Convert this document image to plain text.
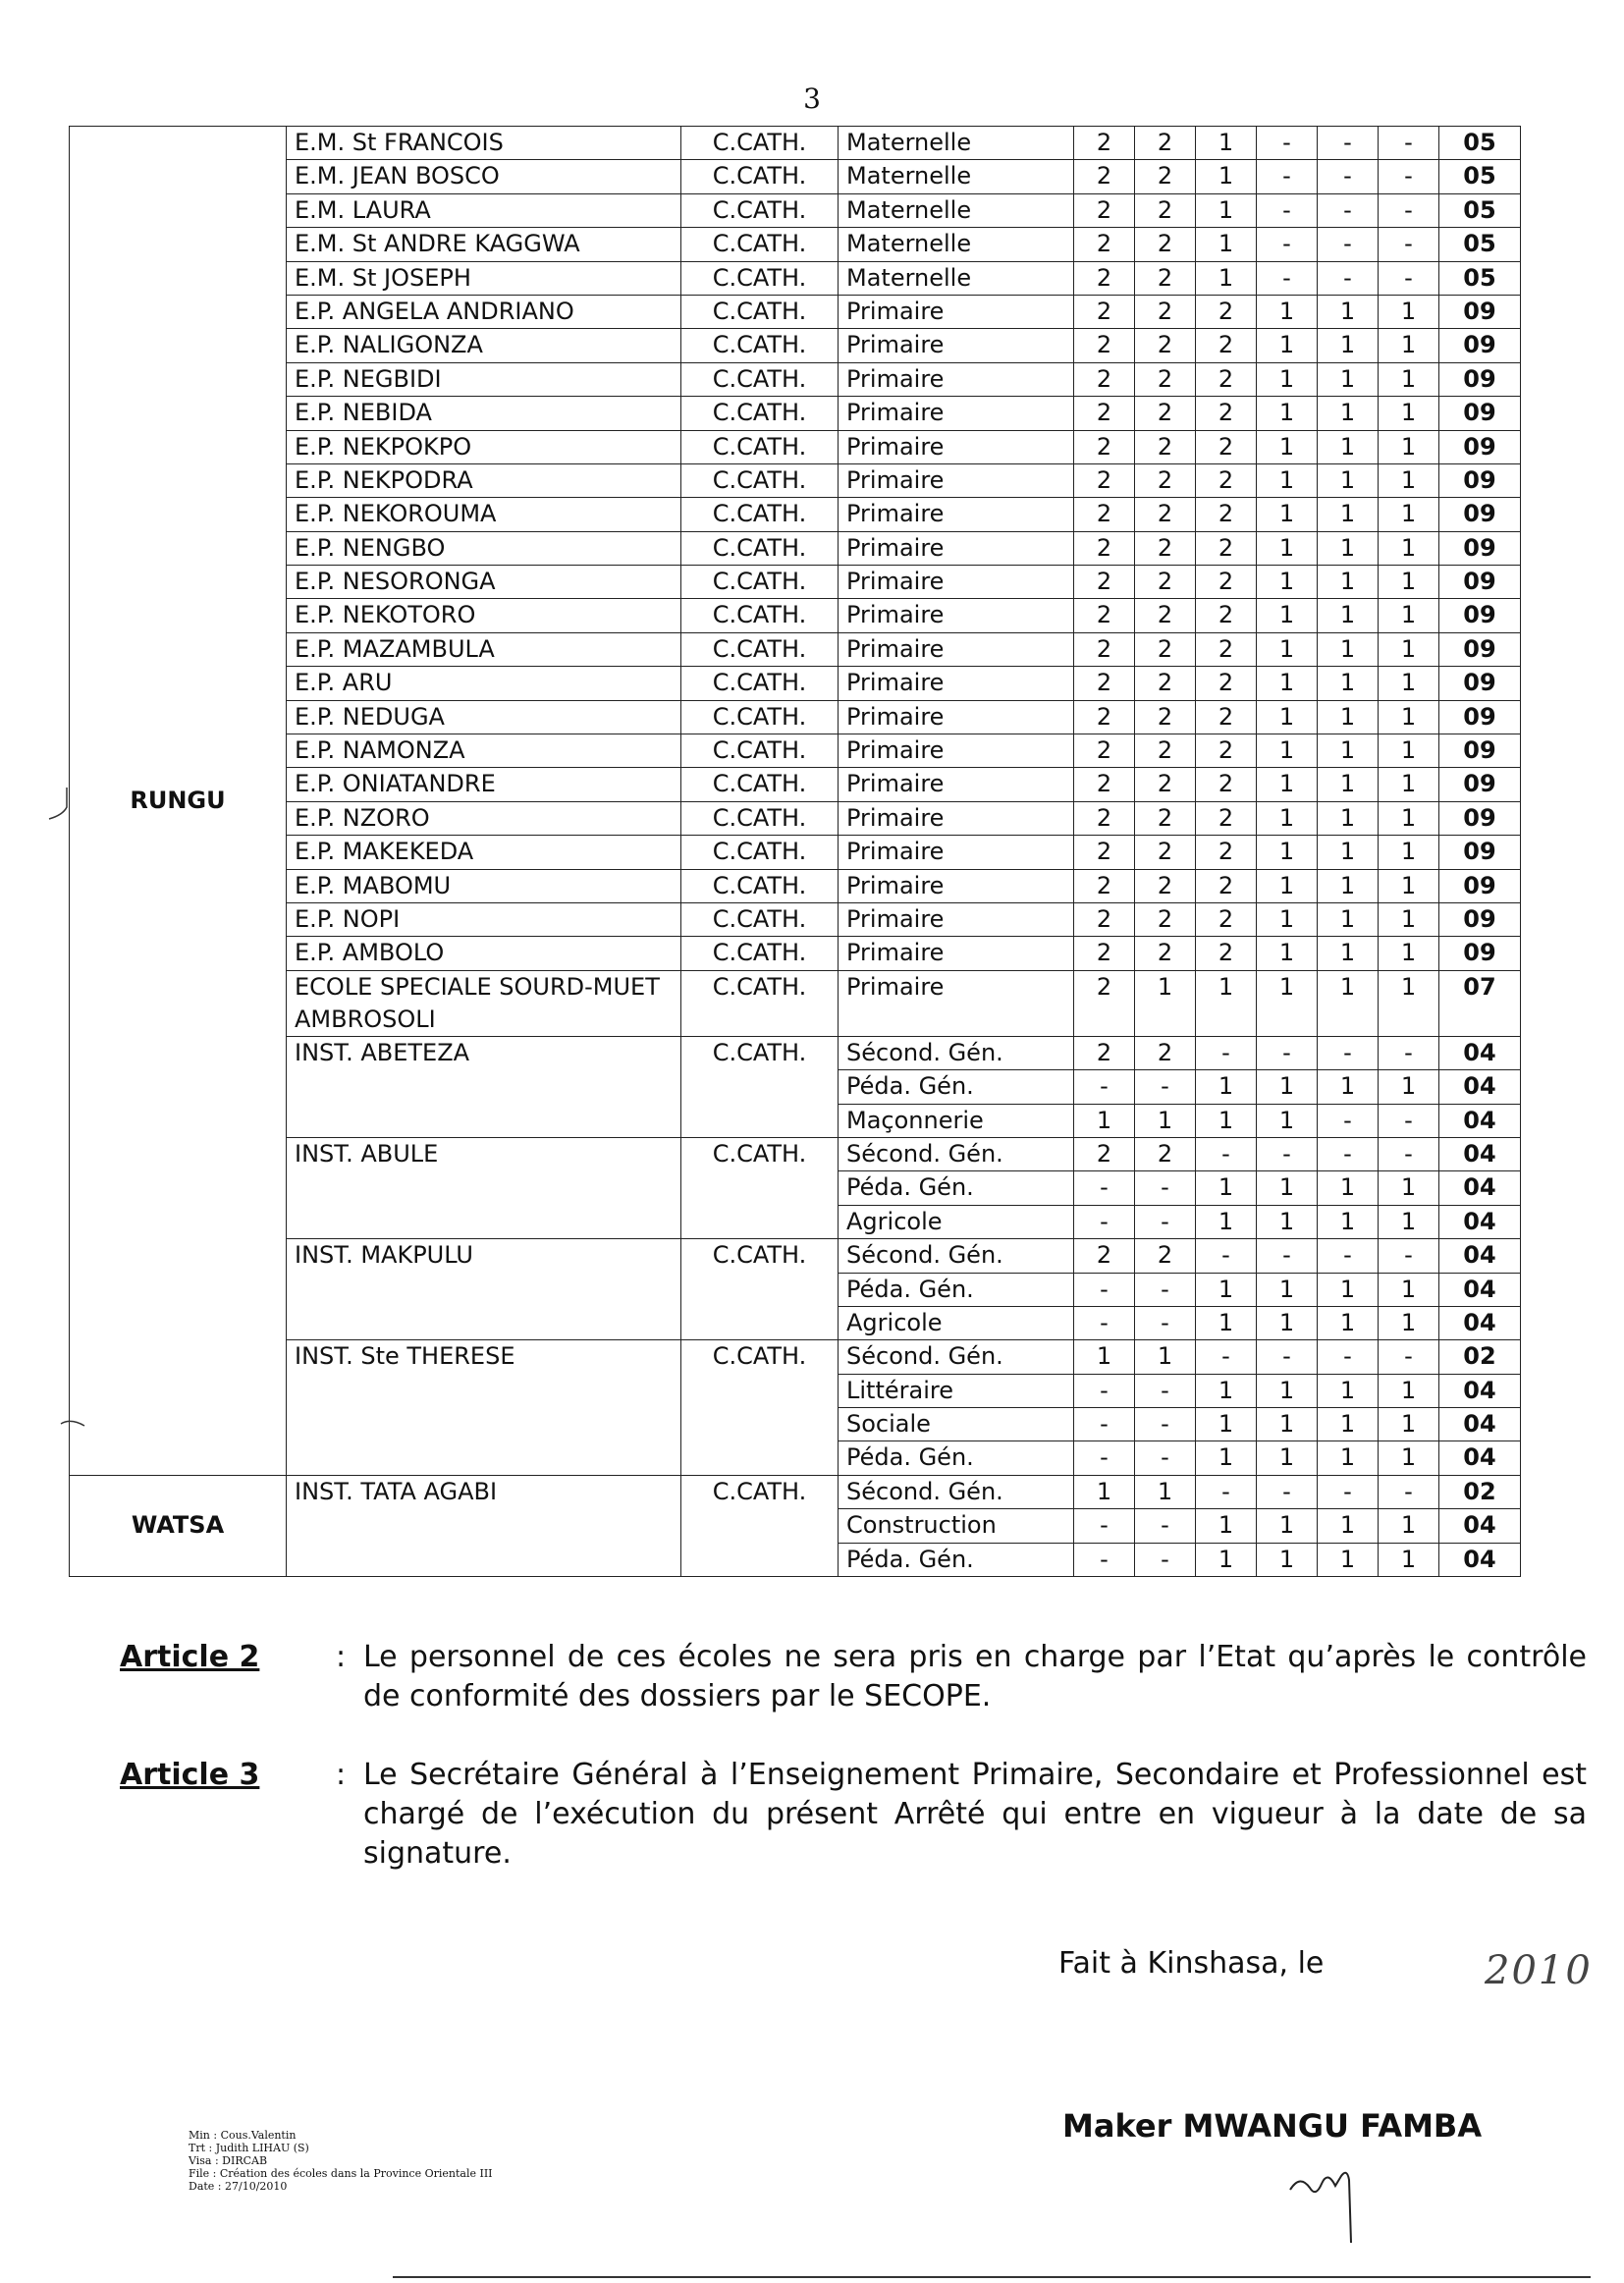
3
RUNGU	E.M. St FRANCOIS	C.CATH.	Maternelle	2	2	1	-	-	-	05
	E.M. JEAN BOSCO	C.CATH.	Maternelle	2	2	1	-	-	-	05
	E.M. LAURA	C.CATH.	Maternelle	2	2	1	-	-	-	05
	E.M. St ANDRE KAGGWA	C.CATH.	Maternelle	2	2	1	-	-	-	05
	E.M. St JOSEPH	C.CATH.	Maternelle	2	2	1	-	-	-	05
	E.P. ANGELA ANDRIANO	C.CATH.	Primaire	2	2	2	1	1	1	09
	E.P. NALIGONZA	C.CATH.	Primaire	2	2	2	1	1	1	09
	E.P. NEGBIDI	C.CATH.	Primaire	2	2	2	1	1	1	09
	E.P. NEBIDA	C.CATH.	Primaire	2	2	2	1	1	1	09
	E.P. NEKPOKPO	C.CATH.	Primaire	2	2	2	1	1	1	09
	E.P. NEKPODRA	C.CATH.	Primaire	2	2	2	1	1	1	09
	E.P. NEKOROUMA	C.CATH.	Primaire	2	2	2	1	1	1	09
	E.P. NENGBO	C.CATH.	Primaire	2	2	2	1	1	1	09
	E.P. NESORONGA	C.CATH.	Primaire	2	2	2	1	1	1	09
	E.P. NEKOTORO	C.CATH.	Primaire	2	2	2	1	1	1	09
	E.P. MAZAMBULA	C.CATH.	Primaire	2	2	2	1	1	1	09
	E.P. ARU	C.CATH.	Primaire	2	2	2	1	1	1	09
	E.P. NEDUGA	C.CATH.	Primaire	2	2	2	1	1	1	09
	E.P. NAMONZA	C.CATH.	Primaire	2	2	2	1	1	1	09
	E.P. ONIATANDRE	C.CATH.	Primaire	2	2	2	1	1	1	09
	E.P. NZORO	C.CATH.	Primaire	2	2	2	1	1	1	09
	E.P. MAKEKEDA	C.CATH.	Primaire	2	2	2	1	1	1	09
	E.P. MABOMU	C.CATH.	Primaire	2	2	2	1	1	1	09
	E.P. NOPI	C.CATH.	Primaire	2	2	2	1	1	1	09
	E.P. AMBOLO	C.CATH.	Primaire	2	2	2	1	1	1	09
	ECOLE SPECIALE SOURD-MUET AMBROSOLI	C.CATH.	Primaire	2	1	1	1	1	1	07
	INST. ABETEZA	C.CATH.	Sécond. Gén.	2	2	-	-	-	-	04
			Péda. Gén.	-	-	1	1	1	1	04
			Maçonnerie	1	1	1	1	-	-	04
	INST. ABULE	C.CATH.	Sécond. Gén.	2	2	-	-	-	-	04
			Péda. Gén.	-	-	1	1	1	1	04
			Agricole	-	-	1	1	1	1	04
	INST. MAKPULU	C.CATH.	Sécond. Gén.	2	2	-	-	-	-	04
			Péda. Gén.	-	-	1	1	1	1	04
			Agricole	-	-	1	1	1	1	04
	INST. Ste THERESE	C.CATH.	Sécond. Gén.	1	1	-	-	-	-	02
			Littéraire	-	-	1	1	1	1	04
			Sociale	-	-	1	1	1	1	04
			Péda. Gén.	-	-	1	1	1	1	04
WATSA	INST. TATA AGABI	C.CATH.	Sécond. Gén.	1	1	-	-	-	-	02
			Construction	-	-	1	1	1	1	04
			Péda. Gén.	-	-	1	1	1	1	04
Article 2	: Le personnel de ces écoles ne sera pris en charge par l’Etat qu’après le contrôle de conformité des dossiers par le SECOPE.
Article 3	: Le Secrétaire Général à l’Enseignement Primaire, Secondaire et Professionnel est chargé de l’exécution du présent Arrêté qui entre en vigueur à la date de sa signature.
Fait à Kinshasa, le	2010
Maker MWANGU FAMBA
Min : Cous.Valentin
Trt : Judith LIHAU (S)
Visa : DIRCAB
File : Création des écoles dans la Province Orientale III
Date : 27/10/2010
